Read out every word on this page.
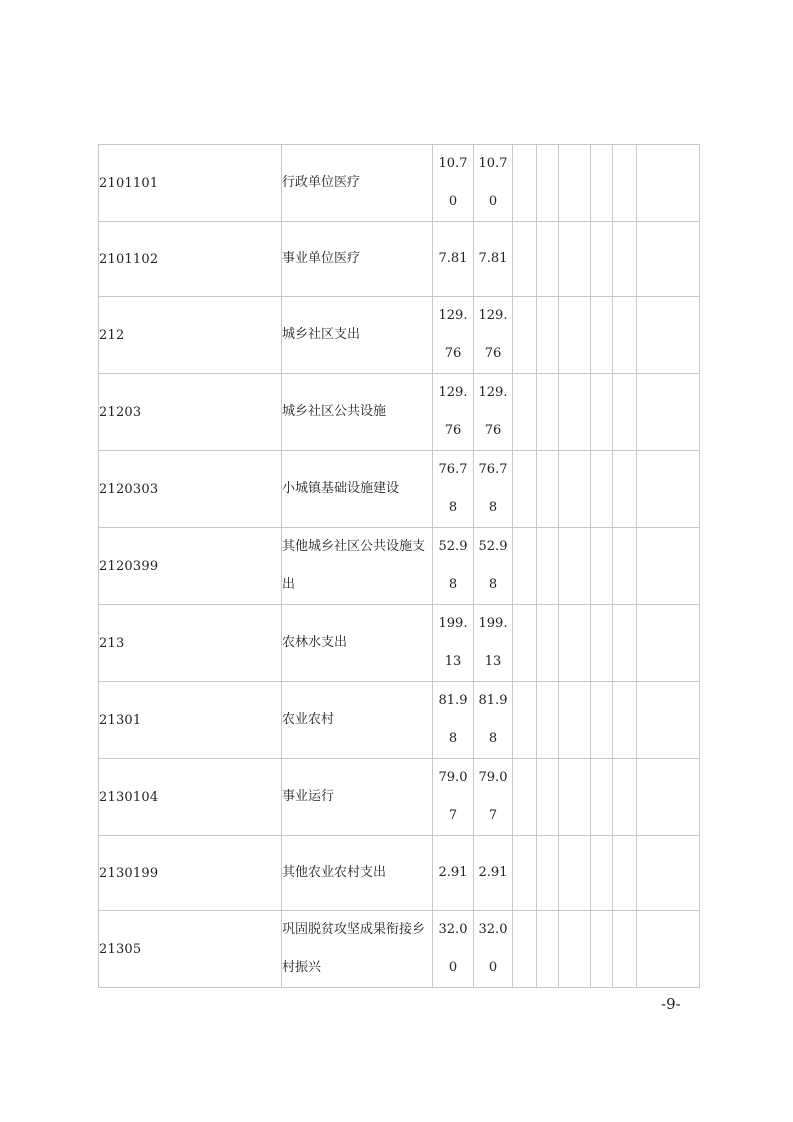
2101101	行政单位医疗	10.70	10.70						

2101102	事业单位医疗	7.81	7.81						

212	城乡社区支出	129.76	129.76						

21203	城乡社区公共设施	129.76	129.76						

2120303	小城镇基础设施建设	76.78	76.78						

2120399	其他城乡社区公共设施支出	52.98	52.98						

213	农林水支出	199.13	199.13						

21301	农业农村	81.98	81.98						

2130104	事业运行	79.07	79.07						

2130199	其他农业农村支出	2.91	2.91						

21305	巩固脱贫攻坚成果衔接乡村振兴	32.00	32.00						

-9-
